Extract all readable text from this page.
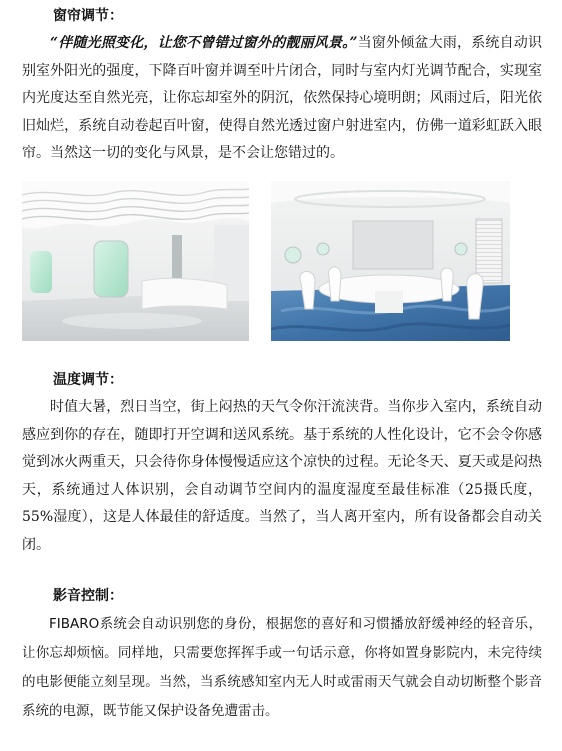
窗帘调节：

“伴随光照变化，让您不曾错过窗外的靓丽风景。”当窗外倾盆大雨，系统自动识别室外阳光的强度，下降百叶窗并调至叶片闭合，同时与室内灯光调节配合，实现室内光度达至自然光亮，让你忘却室外的阴沉，依然保持心境明朗；风雨过后，阳光依旧灿烂，系统自动卷起百叶窗，使得自然光透过窗户射进室内，仿佛一道彩虹跃入眼帘。当然这一切的变化与风景，是不会让您错过的。

温度调节：

时值大暑，烈日当空，街上闷热的天气令你汗流浃背。当你步入室内，系统自动感应到你的存在，随即打开空调和送风系统。基于系统的人性化设计，它不会令你感觉到冰火两重天，只会待你身体慢慢适应这个凉快的过程。无论冬天、夏天或是闷热天，系统通过人体识别，会自动调节空间内的温度湿度至最佳标准（25摄氏度，55%湿度），这是人体最佳的舒适度。当然了，当人离开室内，所有设备都会自动关闭。

影音控制：

FIBARO系统会自动识别您的身份，根据您的喜好和习惯播放舒缓神经的轻音乐，让你忘却烦恼。同样地，只需要您挥挥手或一句话示意，你将如置身影院内，未完待续的电影便能立刻呈现。当然，当系统感知室内无人时或雷雨天气就会自动切断整个影音系统的电源，既节能又保护设备免遭雷击。
